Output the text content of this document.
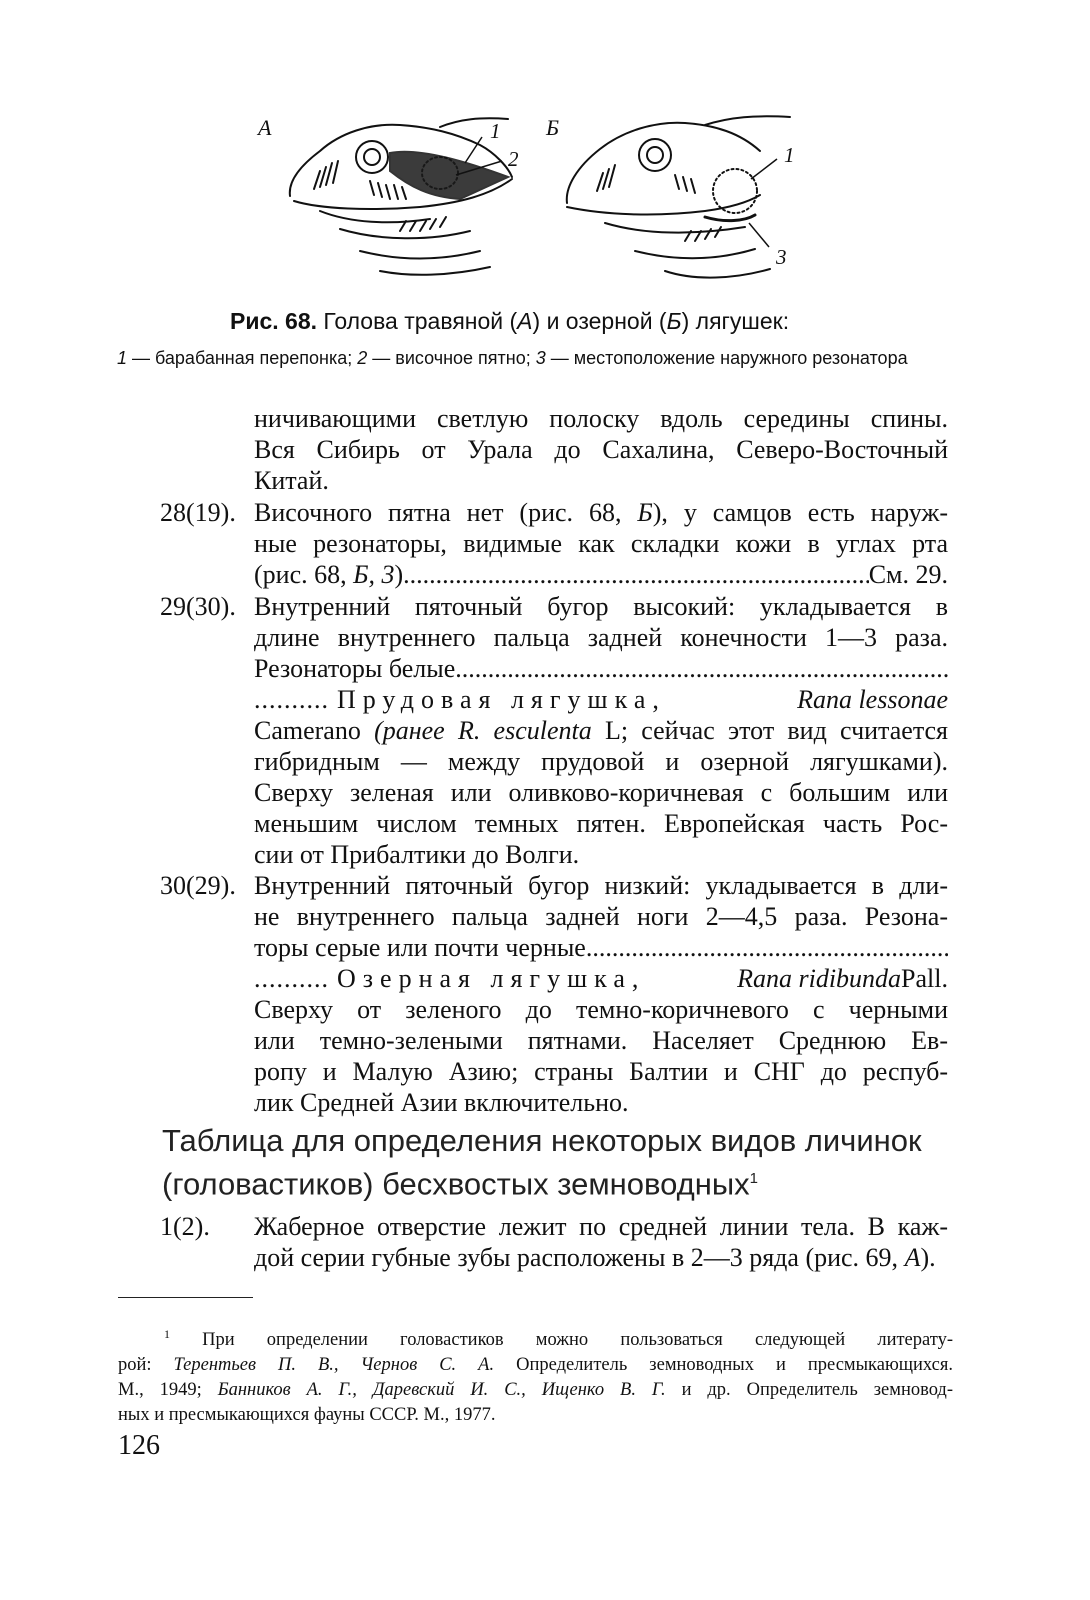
А	Б
1
2	1
3
Рис. 68. Голова травяной (А) и озерной (Б) лягушек:
1 — барабанная перепонка; 2 — височное пятно; 3 — местоположение наружного резонатора
ничивающими светлую полоску вдоль середины спины.
Вся Сибирь от Урала до Сахалина, Северо-Восточный
Китай.
28(19). Височного пятна нет (рис. 68, Б), у самцов есть наруж-
ные резонаторы, видимые как складки кожи в углах рта
(рис. 68, Б, 3)
.....	См. 29.
29(30). Внутренний пяточный бугор высокий: укладывается в
длине внутреннего пальца задней конечности 1—3 раза.
Резонаторы белые
.....
.......... Прудовая лягушка,	Rana lessonae
Camerano (ранее R. esculenta L; сейчас этот вид считается
гибридным — между прудовой и озерной лягушками).
Сверху зеленая или оливково-коричневая с большим или
меньшим числом темных пятен. Европейская часть Рос-
сии от Прибалтики до Волги.
30(29). Внутренний пяточный бугор низкий: укладывается в дли-
не внутреннего пальца задней ноги 2—4,5 раза. Резона-
торы серые или почти черные
.....
.......... Озерная лягушка,	Rana ridibunda Pall.
Сверху от зеленого до темно-коричневого с черными
или темно-зелеными пятнами. Населяет Среднюю Ев-
ропу и Малую Азию; страны Балтии и СНГ до респуб-
лик Средней Азии включительно.
Таблица для определения некоторых видов личинок
(головастиков) бесхвостых земноводных$^1$
1(2). Жаберное отверстие лежит по средней линии тела. В каж-
дой серии губные зубы расположены в 2—3 ряда (рис. 69, А).
$^1$ При определении головастиков можно пользоваться следующей литерату-
рой: Терентьев П. В., Чернов С. А. Определитель земноводных и пресмыкающихся.
М., 1949; Банников А. Г., Даревский И. С., Ищенко В. Г. и др. Определитель земновод-
ных и пресмыкающихся фауны СССР. М., 1977.
126
